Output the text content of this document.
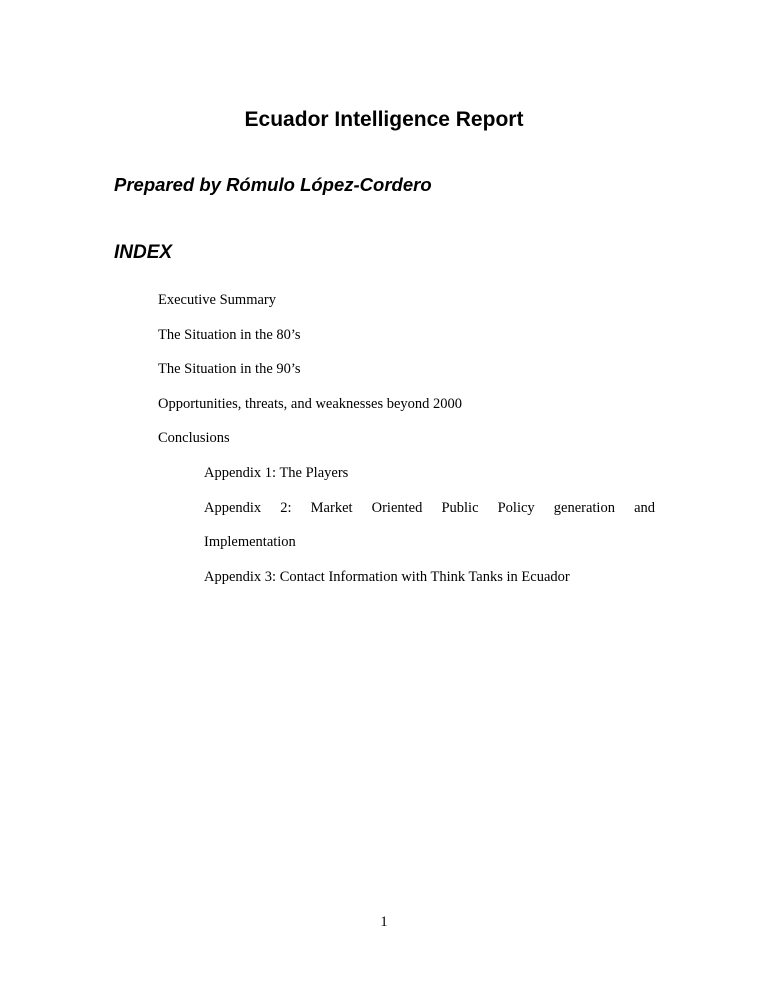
Ecuador Intelligence Report
Prepared by Rómulo López-Cordero
INDEX
Executive Summary
The Situation in the 80’s
The Situation in the 90’s
Opportunities, threats, and weaknesses beyond 2000
Conclusions
Appendix 1: The Players
Appendix 2: Market Oriented Public Policy generation and
Implementation
Appendix 3: Contact Information with Think Tanks in Ecuador
1
